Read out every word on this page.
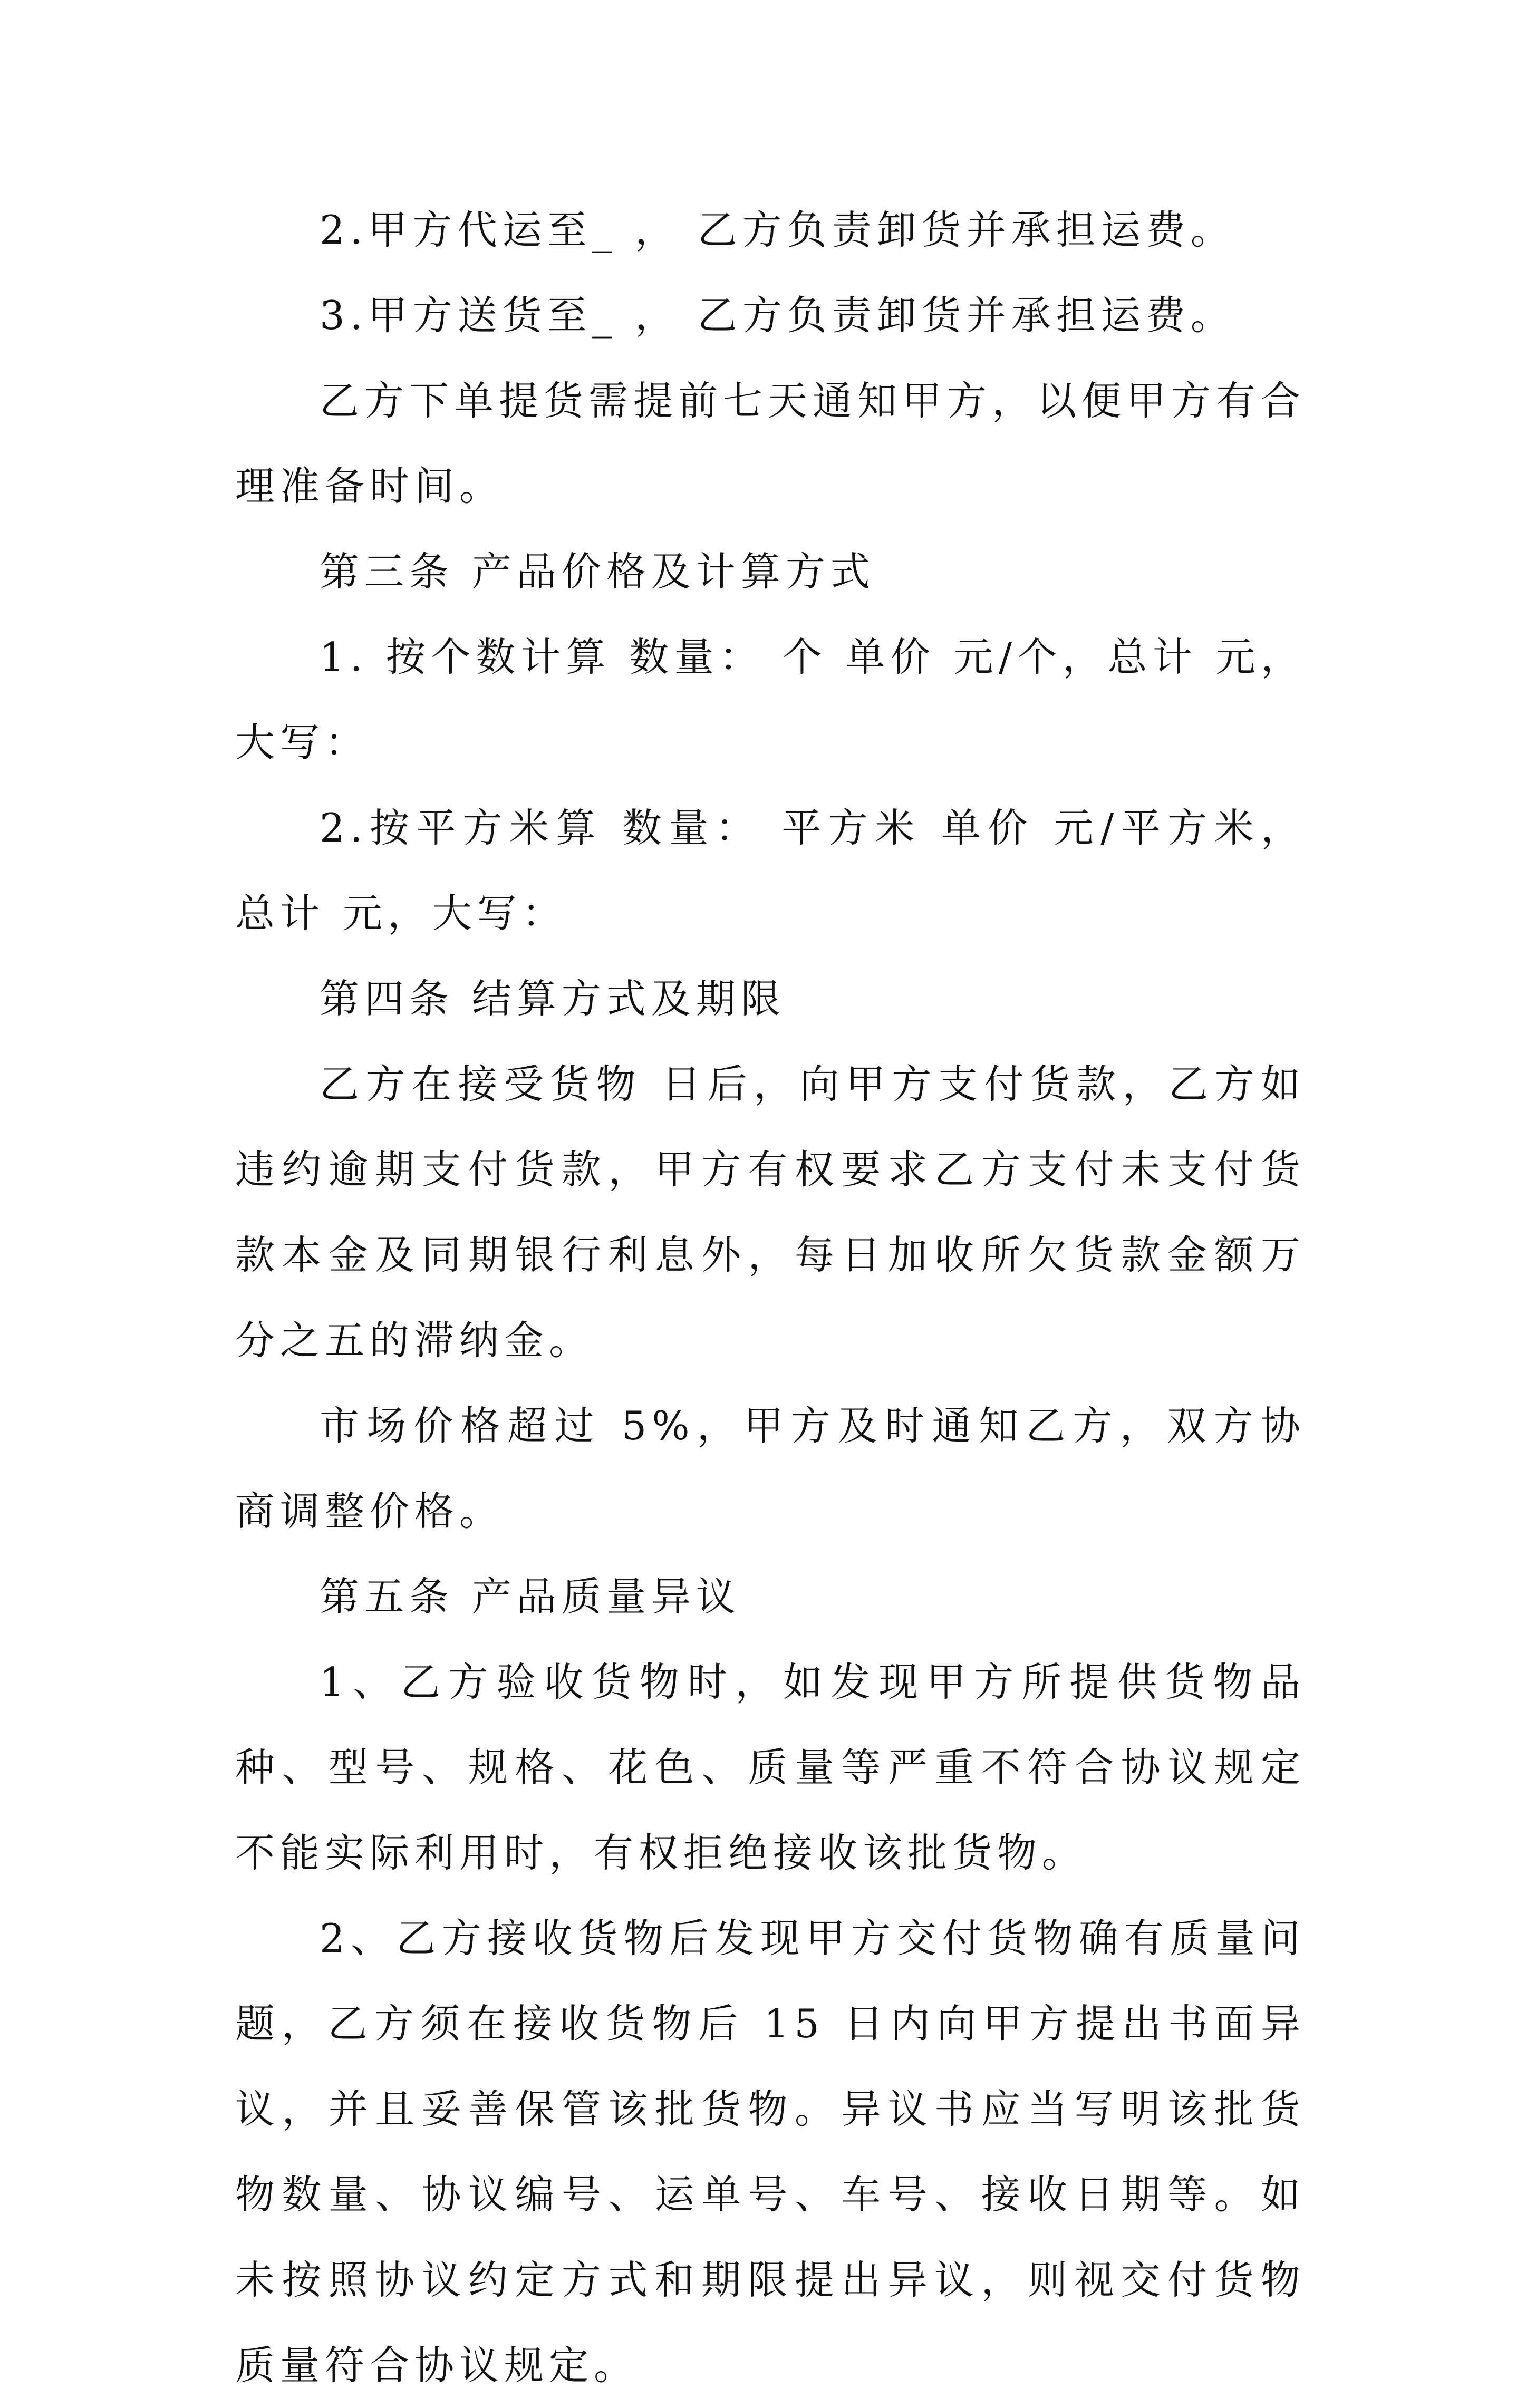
2.甲方代运至_ ， 乙方负责卸货并承担运费。

3.甲方送货至_ ， 乙方负责卸货并承担运费。

乙方下单提货需提前七天通知甲方，以便甲方有合理准备时间。

第三条 产品价格及计算方式

1. 按个数计算 数量： 个 单价 元/个，总计 元，大写：

2.按平方米算 数量： 平方米 单价 元/平方米，总计 元，大写：

第四条 结算方式及期限

乙方在接受货物 日后，向甲方支付货款，乙方如违约逾期支付货款，甲方有权要求乙方支付未支付货款本金及同期银行利息外，每日加收所欠货款金额万分之五的滞纳金。

市场价格超过 5%，甲方及时通知乙方，双方协商调整价格。

第五条 产品质量异议

1、乙方验收货物时，如发现甲方所提供货物品种、型号、规格、花色、质量等严重不符合协议规定不能实际利用时，有权拒绝接收该批货物。

2、乙方接收货物后发现甲方交付货物确有质量问题，乙方须在接收货物后 15 日内向甲方提出书面异议，并且妥善保管该批货物。异议书应当写明该批货物数量、协议编号、运单号、车号、接收日期等。如未按照协议约定方式和期限提出异议，则视交付货物质量符合协议规定。
